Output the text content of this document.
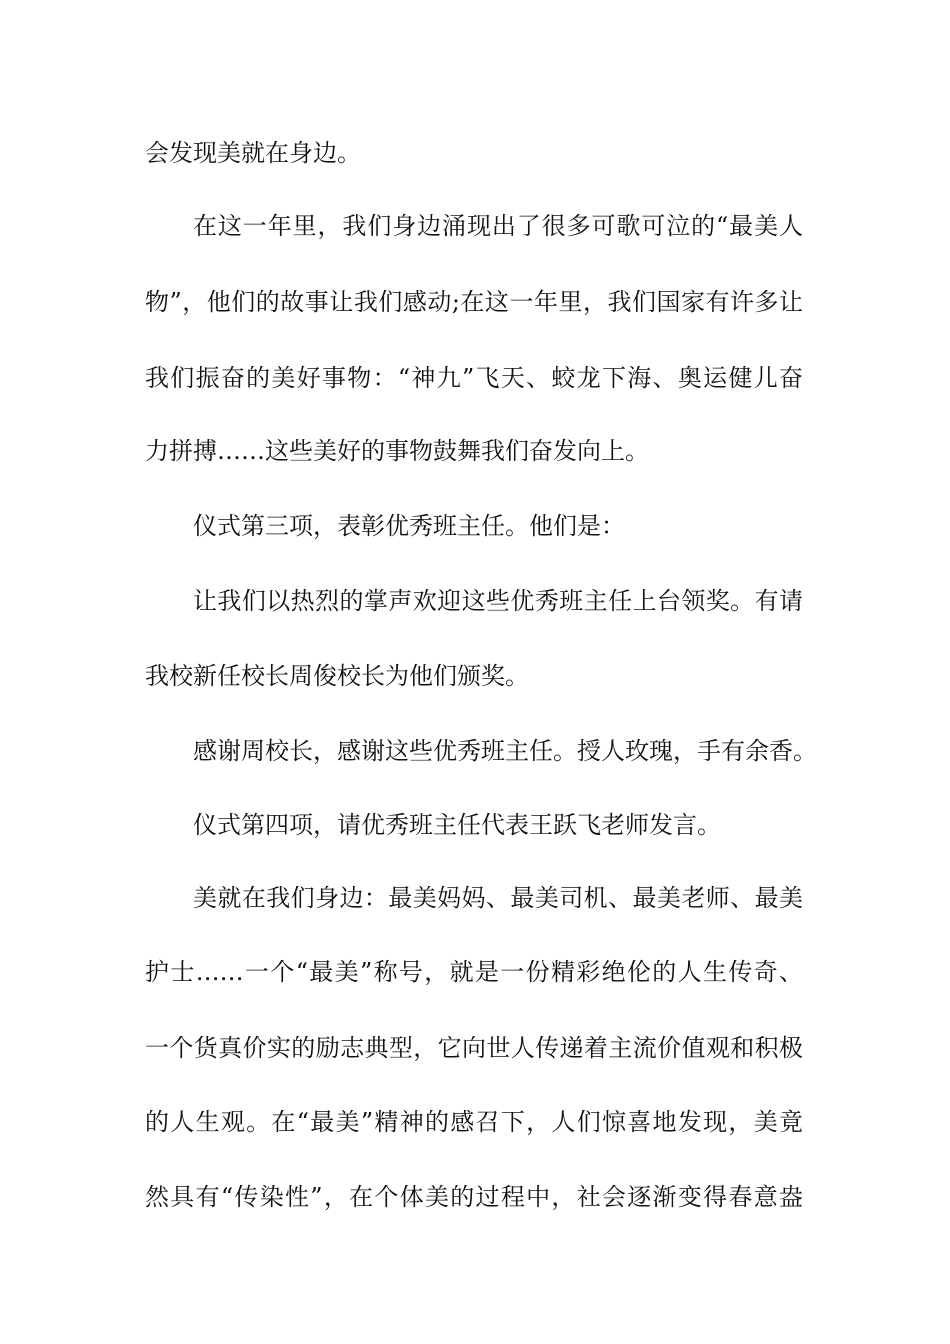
会发现美就在身边。
在这一年里，我们身边涌现出了很多可歌可泣的“最美人
物”，他们的故事让我们感动;在这一年里，我们国家有许多让
我们振奋的美好事物：“神九”飞天、蛟龙下海、奥运健儿奋
力拼搏……这些美好的事物鼓舞我们奋发向上。
仪式第三项，表彰优秀班主任。他们是：
让我们以热烈的掌声欢迎这些优秀班主任上台领奖。有请
我校新任校长周俊校长为他们颁奖。
感谢周校长，感谢这些优秀班主任。授人玫瑰，手有余香。
仪式第四项，请优秀班主任代表王跃飞老师发言。
美就在我们身边：最美妈妈、最美司机、最美老师、最美
护士……一个“最美”称号，就是一份精彩绝伦的人生传奇、
一个货真价实的励志典型，它向世人传递着主流价值观和积极
的人生观。在“最美”精神的感召下，人们惊喜地发现，美竟
然具有“传染性”，在个体美的过程中，社会逐渐变得春意盎
